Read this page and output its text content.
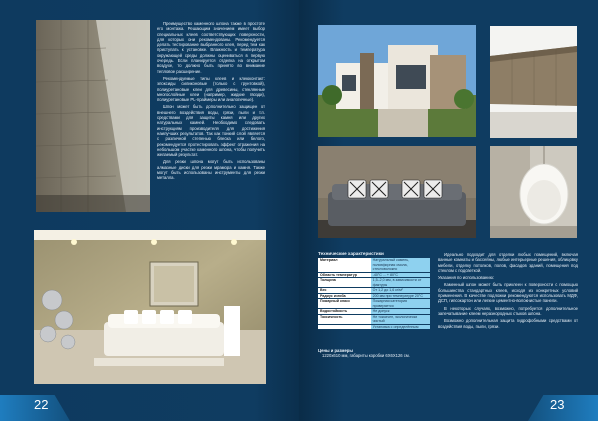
Преимущество каменного шпона также в простоте его монтажа. Решающим значением имеет выбор специальных клеев соответствующих поверхности, для которых они рекомендованы. Рекомендуется делать тестирование выбранного клея, перед тем как приступать к установке. Влажность и температура окружающей среды должны оцениваться в первую очередь. Если планируется отделка на открытом воздухе, то должно быть принято во внимание тепловое расширение.

Рекомендуемые типы клеев и клеюконтакт: эпоксиды силиконовые (только с грунтовкой), полиуретановые клеи для древесины, стеклянные многослойные клеи (например, жидкие гвозди), полиуретановые PL-праймеры или аналогичные).

Шпон может быть дополнительно защищен от внешнего воздействия воды, грязи, пыли и т.п. средствами для защиты камня или других натуральных камней. Необходимо следовать инструкциям производителя для достижения наилучших результатов. Так как тонкий слой является с различной степенью блеска или белого, рекомендуется протестировать эффект отражения на небольшом участке каменного шпона, чтобы получить желаемый результат.

Для резки шпона могут быть использованы алмазные диски для резки мрамора и камня. Также могут быть использованы инструменты для резки металла.

22
Технические характеристики
Материал	Натуральный камень, полиэфирная смола, стекловолокно
Область температур	-40°C ... + 80°C
Толщина	1,5–2,0 мм, в зависимости от фактуры
Вес	От 1,2 до 1,6 кг/м²
Радиус изгиба	200 мм при температуре 20°С
Пожарный класс	Пожарная категория проверяется
Водостойкость	Не допуск
Токсичность	Не токсичен, экологически чистый
	Установка с определённым
Цены и размеры
1220х610 мм, габариты коробки 6Х6Х126 см.

Идеально подходит для отделки любых помещений, включая ванные комнаты и бассейны, любые интерьерные решения, облицовку мебели, отделку потолков, полов, фасадов зданий, помещения под стеклом с подсветкой.

Указания по использованию:

Каменный шпон может быть приклеен к поверхности с помощью большинства стандартных клеев, исходя из конкретных условий применения. В качестве подложки рекомендуются использовать МДФ, ДСП, гипсокартон или легкие цементно-волокнистые панели.

В некоторых случаях, возможно, потребуется дополнительное запечатывание клеем неразнородных стыков шпона.

Возможно дополнительная защита гидрофобными средствами от воздействия воды, пыли, грязи.

23
